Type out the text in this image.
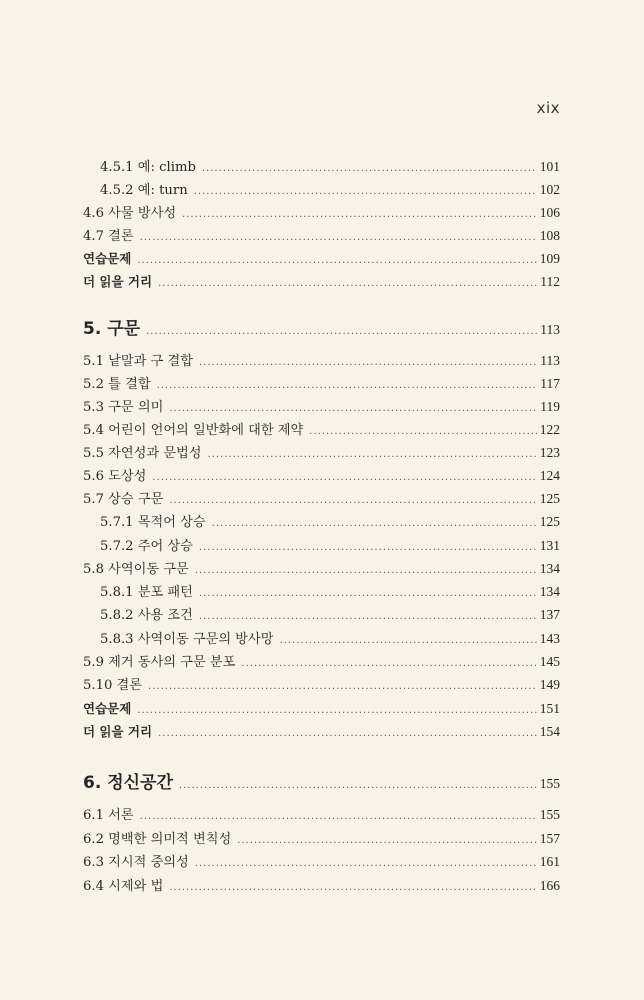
xix
4.5.1 예: climb .....	101
4.5.2 예: turn .....	102
4.6 사물 방사성 .....	106
4.7 결론 .....	108
연습문제 .....	109
더 읽을 거리 .....	112
5. 구문 .....	113
5.1 낱말과 구 결합 .....	113
5.2 틀 결합 .....	117
5.3 구문 의미 .....	119
5.4 어린이 언어의 일반화에 대한 제약 .....	122
5.5 자연성과 문법성 .....	123
5.6 도상성 .....	124
5.7 상승 구문 .....	125
5.7.1 목적어 상승 .....	125
5.7.2 주어 상승 .....	131
5.8 사역이동 구문 .....	134
5.8.1 분포 패턴 .....	134
5.8.2 사용 조건 .....	137
5.8.3 사역이동 구문의 방사망 .....	143
5.9 제거 동사의 구문 분포 .....	145
5.10 결론 .....	149
연습문제 .....	151
더 읽을 거리 .....	154
6. 정신공간 .....	155
6.1 서론 .....	155
6.2 명백한 의미적 변칙성 .....	157
6.3 지시적 중의성 .....	161
6.4 시제와 법 .....	166
